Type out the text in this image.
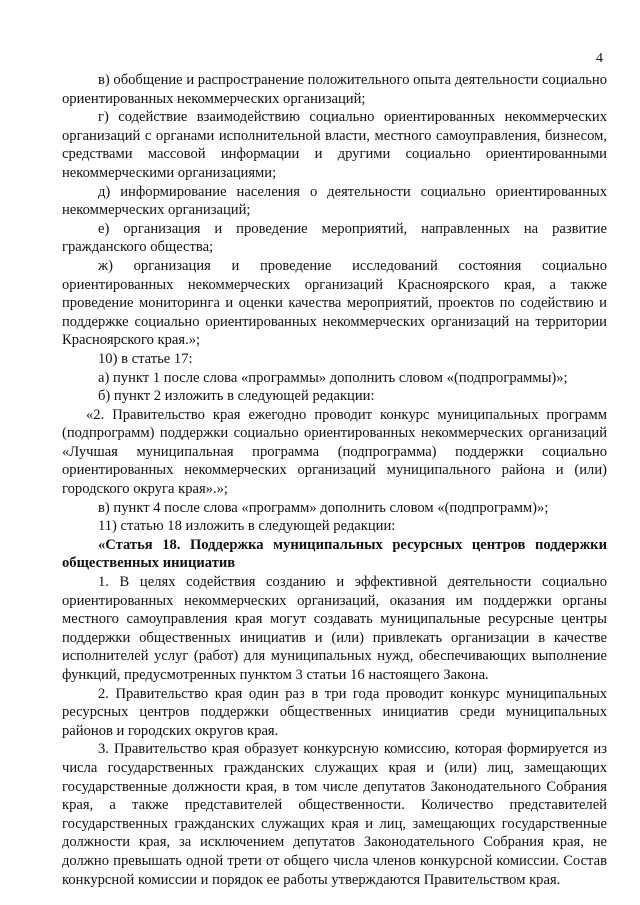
4

в) обобщение и распространение положительного опыта деятельности социально ориентированных некоммерческих организаций;

г) содействие взаимодействию социально ориентированных некоммерческих организаций с органами исполнительной власти, местного самоуправления, бизнесом, средствами массовой информации и другими социально ориентированными некоммерческими организациями;

д) информирование населения о деятельности социально ориентированных некоммерческих организаций;

е) организация и проведение мероприятий, направленных на развитие гражданского общества;

ж) организация и проведение исследований состояния социально ориентированных некоммерческих организаций Красноярского края, а также проведение мониторинга и оценки качества мероприятий, проектов по содействию и поддержке социально ориентированных некоммерческих организаций на территории Красноярского края.»;

10) в статье 17:

а) пункт 1 после слова «программы» дополнить словом «(подпрограммы)»;

б) пункт 2 изложить в следующей редакции:

«2. Правительство края ежегодно проводит конкурс муниципальных программ (подпрограмм) поддержки социально ориентированных некоммерческих организаций «Лучшая муниципальная программа (подпрограмма) поддержки социально ориентированных некоммерческих организаций муниципального района и (или) городского округа края».»;

в) пункт 4 после слова «программ» дополнить словом «(подпрограмм)»;

11) статью 18 изложить в следующей редакции:

«Статья 18. Поддержка муниципальных ресурсных центров поддержки общественных инициатив

1. В целях содействия созданию и эффективной деятельности социально ориентированных некоммерческих организаций, оказания им поддержки органы местного самоуправления края могут создавать муниципальные ресурсные центры поддержки общественных инициатив и (или) привлекать организации в качестве исполнителей услуг (работ) для муниципальных нужд, обеспечивающих выполнение функций, предусмотренных пунктом 3 статьи 16 настоящего Закона.

2. Правительство края один раз в три года проводит конкурс муниципальных ресурсных центров поддержки общественных инициатив среди муниципальных районов и городских округов края.

3. Правительство края образует конкурсную комиссию, которая формируется из числа государственных гражданских служащих края и (или) лиц, замещающих государственные должности края, в том числе депутатов Законодательного Собрания края, а также представителей общественности. Количество представителей государственных гражданских служащих края и лиц, замещающих государственные должности края, за исключением депутатов Законодательного Собрания края, не должно превышать одной трети от общего числа членов конкурсной комиссии. Состав конкурсной комиссии и порядок ее работы утверждаются Правительством края.
